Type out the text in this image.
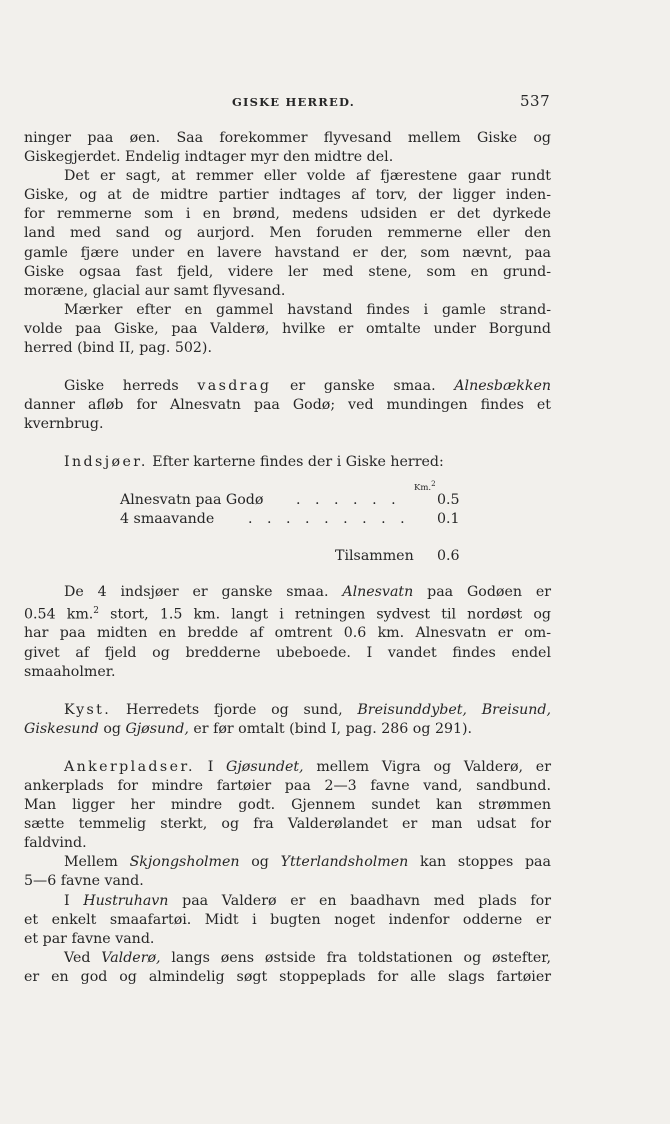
GISKE HERRED.	537
ninger paa øen. Saa forekommer flyvesand mellem Giske og
Giskegjerdet. Endelig indtager myr den midtre del.
Det er sagt, at remmer eller volde af fjærestene gaar rundt
Giske, og at de midtre partier indtages af torv, der ligger inden-
for remmerne som i en brønd, medens udsiden er det dyrkede
land med sand og aurjord. Men foruden remmerne eller den
gamle fjære under en lavere havstand er der, som nævnt, paa
Giske ogsaa fast fjeld, videre ler med stene, som en grund-
moræne, glacial aur samt flyvesand.
Mærker efter en gammel havstand findes i gamle strand-
volde paa Giske, paa Valderø, hvilke er omtalte under Borgund
herred (bind II, pag. 502).
Giske herreds vasdrag er ganske smaa. Alnesbækken
danner afløb for Alnesvatn paa Godø; ved mundingen findes et
kvernbrug.
Indsjøer. Efter karterne findes der i Giske herred:
Km.$^2$
Alnesvatn paa Godø . . . . . .	0.5
4 smaavande . . . . . . . . . 0.1
Tilsammen 0.6
De 4 indsjøer er ganske smaa. Alnesvatn paa Godøen er
0.54 km.$^2$ stort, 1.5 km. langt i retningen sydvest til nordøst og
har paa midten en bredde af omtrent 0.6 km. Alnesvatn er om-
givet af fjeld og bredderne ubeboede. I vandet findes endel
smaaholmer.
Kyst. Herredets fjorde og sund, Breisunddybet, Breisund,
Giskesund og Gjøsund, er før omtalt (bind I, pag. 286 og 291).
Ankerpladser. I Gjøsundet, mellem Vigra og Valderø, er
ankerplads for mindre fartøier paa 2—3 favne vand, sandbund.
Man ligger her mindre godt. Gjennem sundet kan strømmen
sætte temmelig sterkt, og fra Valderølandet er man udsat for
faldvind.
Mellem Skjongsholmen og Ytterlandsholmen kan stoppes paa
5—6 favne vand.
I Hustruhavn paa Valderø er en baadhavn med plads for
et enkelt smaafartøi. Midt i bugten noget indenfor odderne er
et par favne vand.
Ved Valderø, langs øens østside fra toldstationen og østefter,
er en god og almindelig søgt stoppeplads for alle slags fartøier
